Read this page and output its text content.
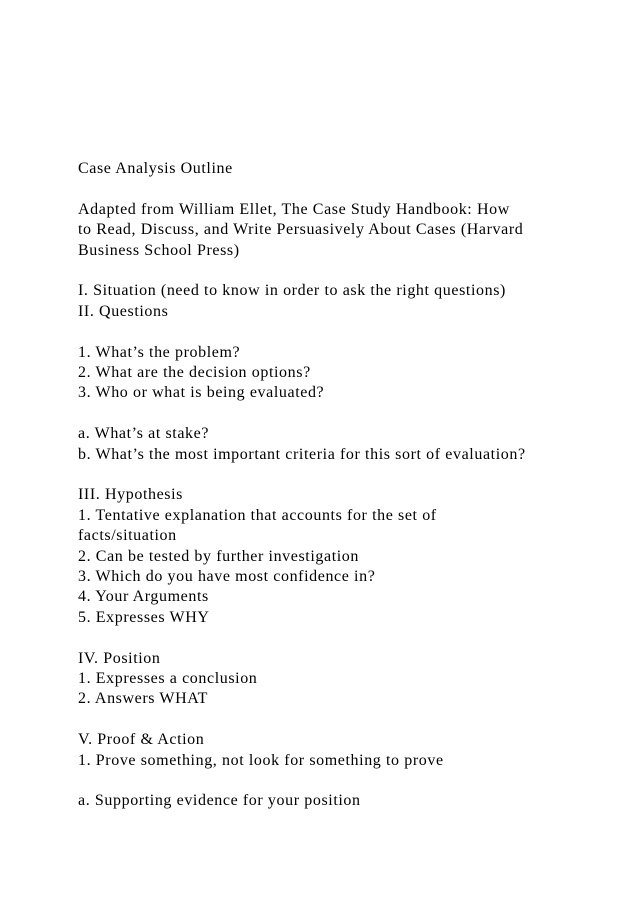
Case Analysis Outline
Adapted from William Ellet, The Case Study Handbook: How
to Read, Discuss, and Write Persuasively About Cases (Harvard
Business School Press)
I. Situation (need to know in order to ask the right questions)
II. Questions
1. What’s the problem?
2. What are the decision options?
3. Who or what is being evaluated?
a. What’s at stake?
b. What’s the most important criteria for this sort of evaluation?
III. Hypothesis
1. Tentative explanation that accounts for the set of
facts/situation
2. Can be tested by further investigation
3. Which do you have most confidence in?
4. Your Arguments
5. Expresses WHY
IV. Position
1. Expresses a conclusion
2. Answers WHAT
V. Proof & Action
1. Prove something, not look for something to prove
a. Supporting evidence for your position
